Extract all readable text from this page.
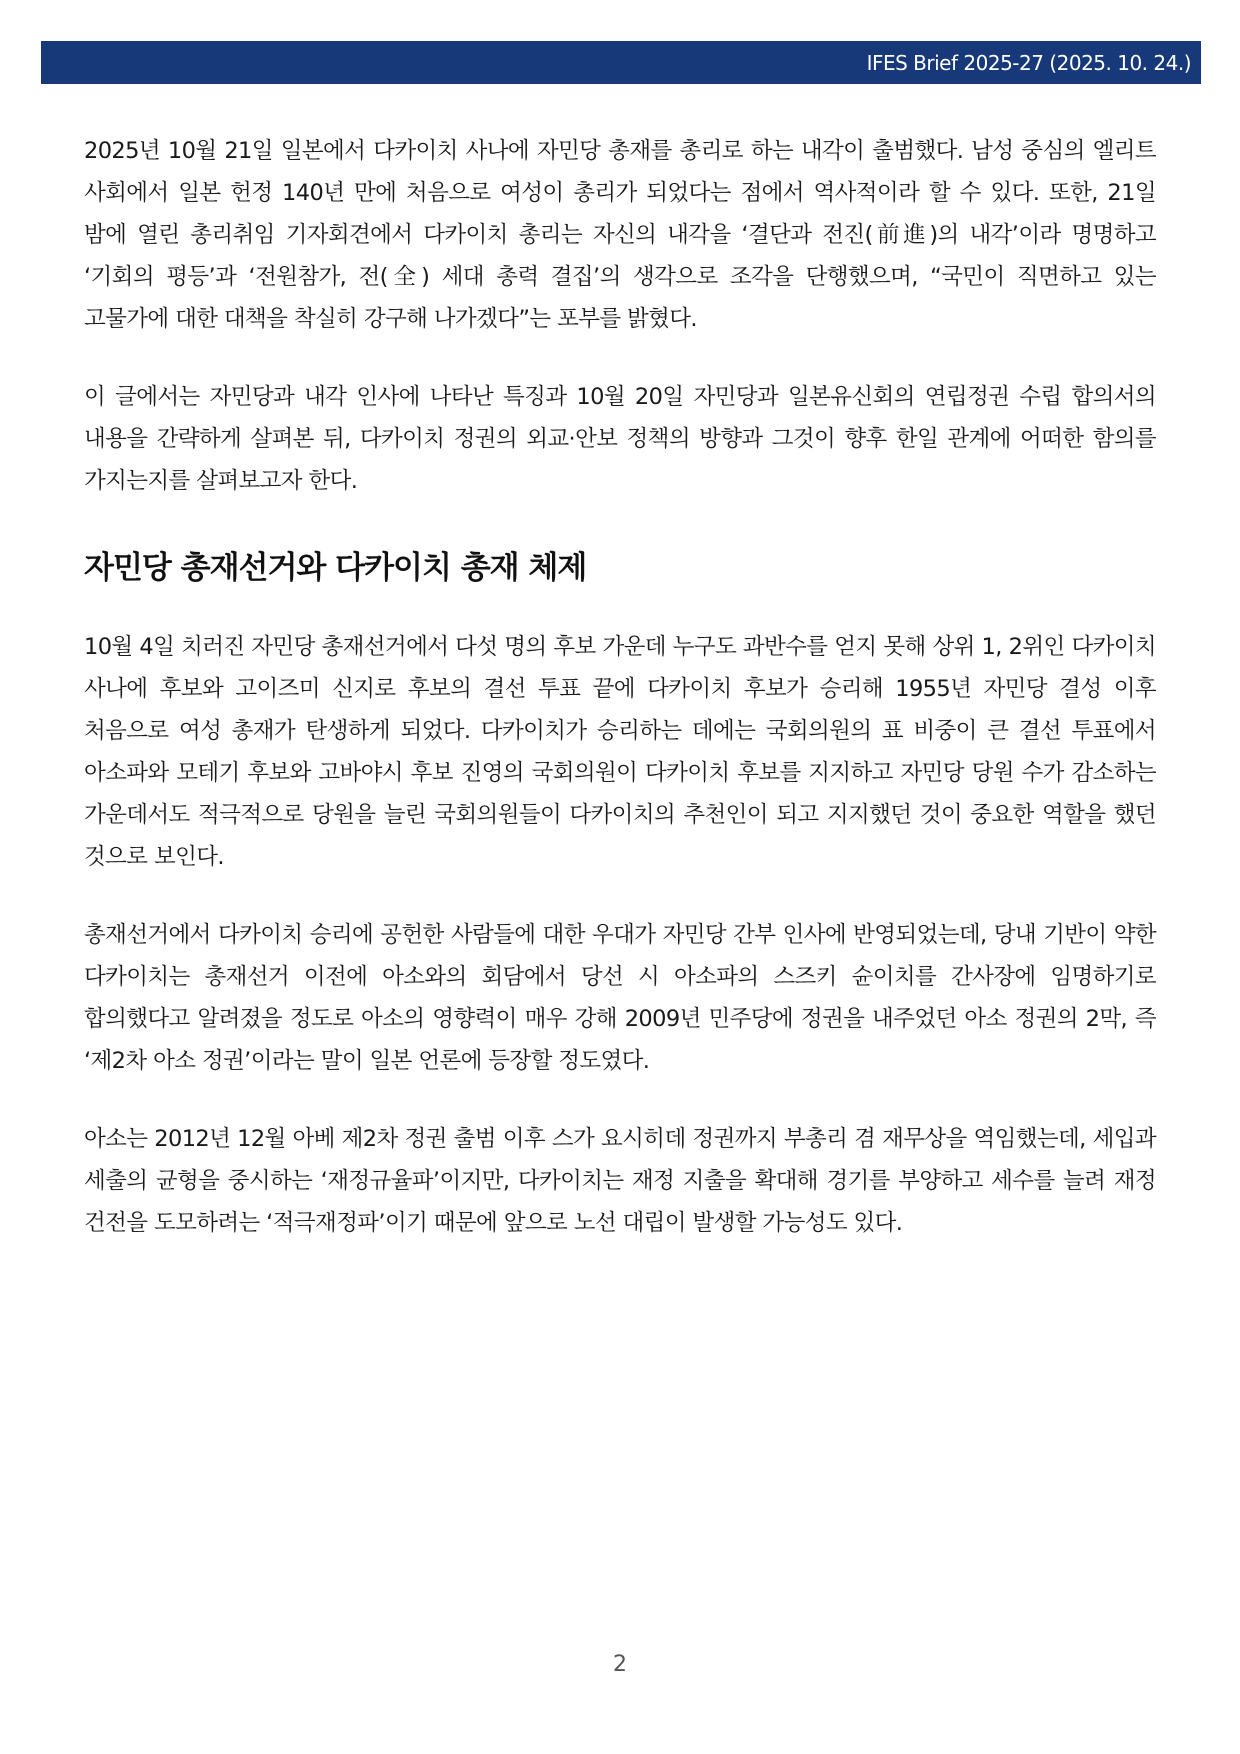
IFES Brief 2025-27 (2025. 10. 24.)

2025년 10월 21일 일본에서 다카이치 사나에 자민당 총재를 총리로 하는 내각이 출범했다. 남성 중심의 엘리트 사회에서 일본 헌정 140년 만에 처음으로 여성이 총리가 되었다는 점에서 역사적이라 할 수 있다. 또한, 21일 밤에 열린 총리취임 기자회견에서 다카이치 총리는 자신의 내각을 ‘결단과 전진(前進)의 내각’이라 명명하고 ‘기회의 평등’과 ‘전원참가, 전(全) 세대 총력 결집’의 생각으로 조각을 단행했으며, “국민이 직면하고 있는 고물가에 대한 대책을 착실히 강구해 나가겠다”는 포부를 밝혔다.

이 글에서는 자민당과 내각 인사에 나타난 특징과 10월 20일 자민당과 일본유신회의 연립정권 수립 합의서의 내용을 간략하게 살펴본 뒤, 다카이치 정권의 외교·안보 정책의 방향과 그것이 향후 한일 관계에 어떠한 함의를 가지는지를 살펴보고자 한다.

자민당 총재선거와 다카이치 총재 체제

10월 4일 치러진 자민당 총재선거에서 다섯 명의 후보 가운데 누구도 과반수를 얻지 못해 상위 1, 2위인 다카이치 사나에 후보와 고이즈미 신지로 후보의 결선 투표 끝에 다카이치 후보가 승리해 1955년 자민당 결성 이후 처음으로 여성 총재가 탄생하게 되었다. 다카이치가 승리하는 데에는 국회의원의 표 비중이 큰 결선 투표에서 아소파와 모테기 후보와 고바야시 후보 진영의 국회의원이 다카이치 후보를 지지하고 자민당 당원 수가 감소하는 가운데서도 적극적으로 당원을 늘린 국회의원들이 다카이치의 추천인이 되고 지지했던 것이 중요한 역할을 했던 것으로 보인다.

총재선거에서 다카이치 승리에 공헌한 사람들에 대한 우대가 자민당 간부 인사에 반영되었는데, 당내 기반이 약한 다카이치는 총재선거 이전에 아소와의 회담에서 당선 시 아소파의 스즈키 슌이치를 간사장에 임명하기로 합의했다고 알려졌을 정도로 아소의 영향력이 매우 강해 2009년 민주당에 정권을 내주었던 아소 정권의 2막, 즉 ‘제2차 아소 정권’이라는 말이 일본 언론에 등장할 정도였다.

아소는 2012년 12월 아베 제2차 정권 출범 이후 스가 요시히데 정권까지 부총리 겸 재무상을 역임했는데, 세입과 세출의 균형을 중시하는 ‘재정규율파’이지만, 다카이치는 재정 지출을 확대해 경기를 부양하고 세수를 늘려 재정 건전을 도모하려는 ‘적극재정파’이기 때문에 앞으로 노선 대립이 발생할 가능성도 있다.

2
